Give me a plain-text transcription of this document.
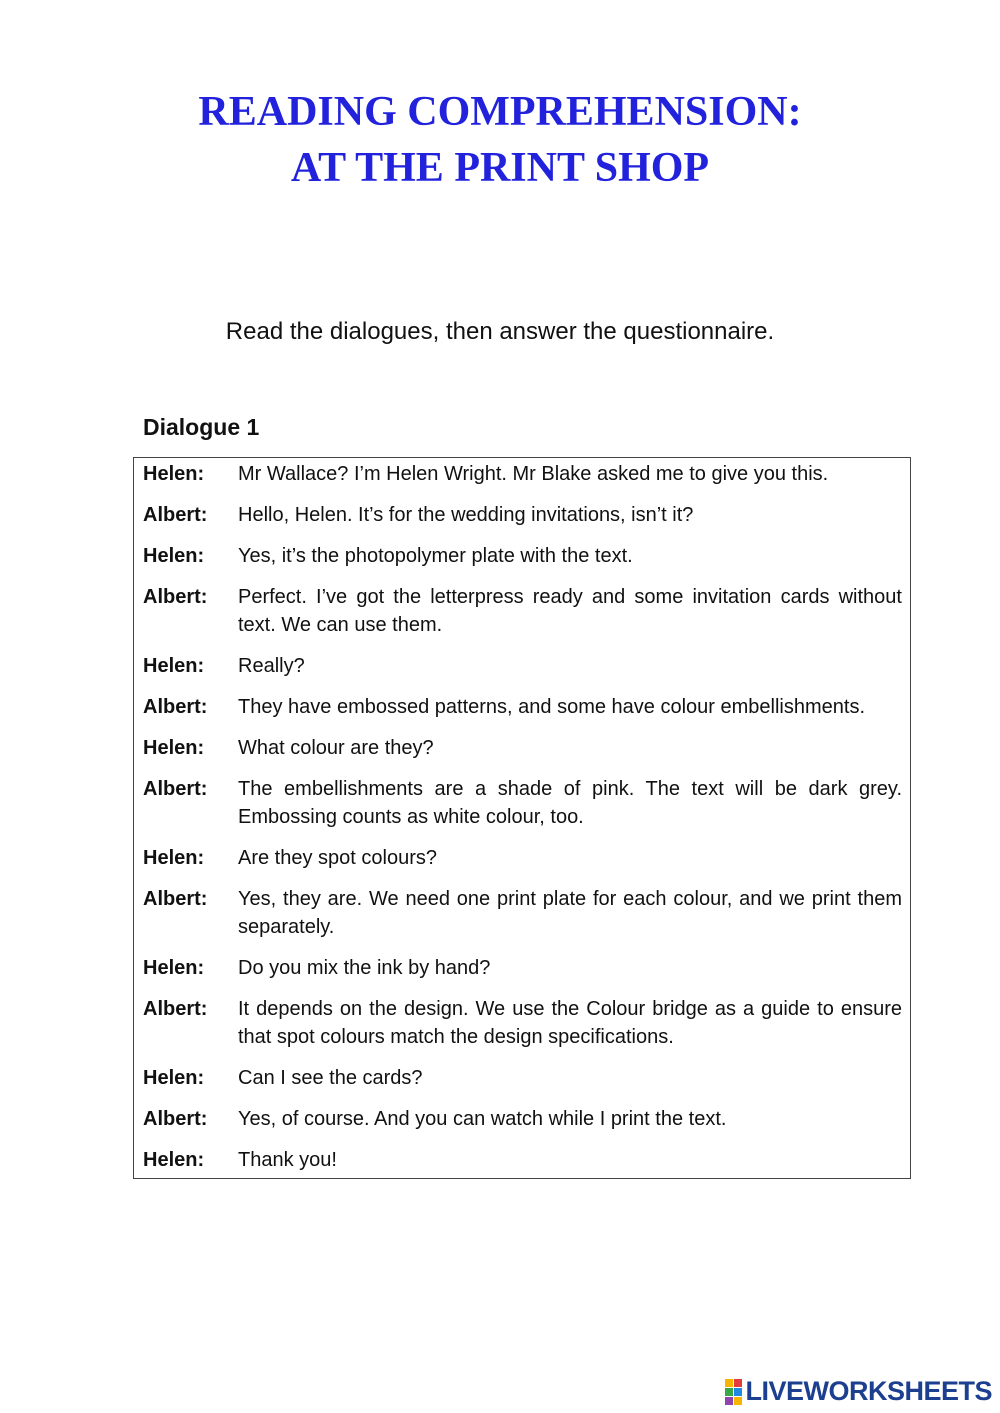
READING COMPREHENSION:
AT THE PRINT SHOP
Read the dialogues, then answer the questionnaire.
Dialogue 1
Helen:	Mr Wallace? I’m Helen Wright. Mr Blake asked me to give you this.
Albert:	Hello, Helen. It’s for the wedding invitations, isn’t it?
Helen:	Yes, it’s the photopolymer plate with the text.
Albert:	Perfect. I’ve got the letterpress ready and some invitation cards without text. We can use them.
Helen:	Really?
Albert:	They have embossed patterns, and some have colour embellishments.
Helen:	What colour are they?
Albert:	The embellishments are a shade of pink. The text will be dark grey. Embossing counts as white colour, too.
Helen:	Are they spot colours?
Albert:	Yes, they are. We need one print plate for each colour, and we print them separately.
Helen:	Do you mix the ink by hand?
Albert:	It depends on the design. We use the Colour bridge as a guide to ensure that spot colours match the design specifications.
Helen:	Can I see the cards?
Albert:	Yes, of course. And you can watch while I print the text.
Helen:	Thank you!
LIVEWORKSHEETS
